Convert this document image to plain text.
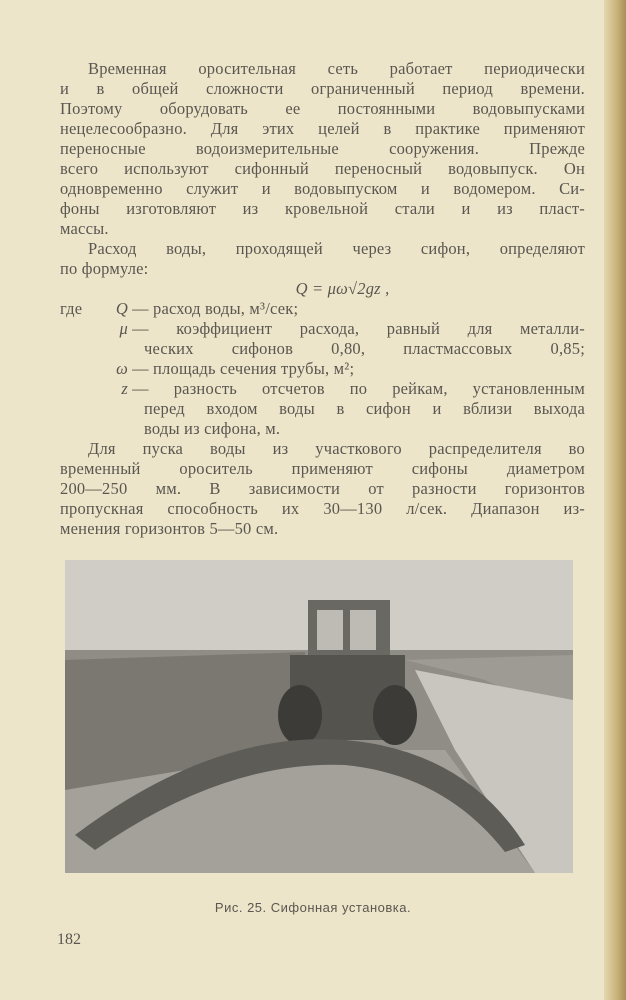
Временная оросительная сеть работает периодически
и в общей сложности ограниченный период времени.
Поэтому оборудовать ее постоянными водовыпусками
нецелесообразно. Для этих целей в практике применяют
переносные водоизмерительные сооружения. Прежде
всего используют сифонный переносный водовыпуск. Он
одновременно служит и водовыпуском и водомером. Си-
фоны изготовляют из кровельной стали и из пласт-
массы.
Расход воды, проходящей через сифон, определяют
по формуле:
Q = μω√2gz ,
где	Q — расход воды, м³/сек;
μ — коэффициент расхода, равный для металли-
ческих сифонов 0,80, пластмассовых 0,85;
ω — площадь сечения трубы, м²;
z — разность отсчетов по рейкам, установленным
перед входом воды в сифон и вблизи выхода
воды из сифона, м.
Для пуска воды из участкового распределителя во
временный ороситель применяют сифоны диаметром
200—250 мм. В зависимости от разности горизонтов
пропускная способность их 30—130 л/сек. Диапазон из-
менения горизонтов 5—50 см.
Рис. 25. Сифонная установка.
182
